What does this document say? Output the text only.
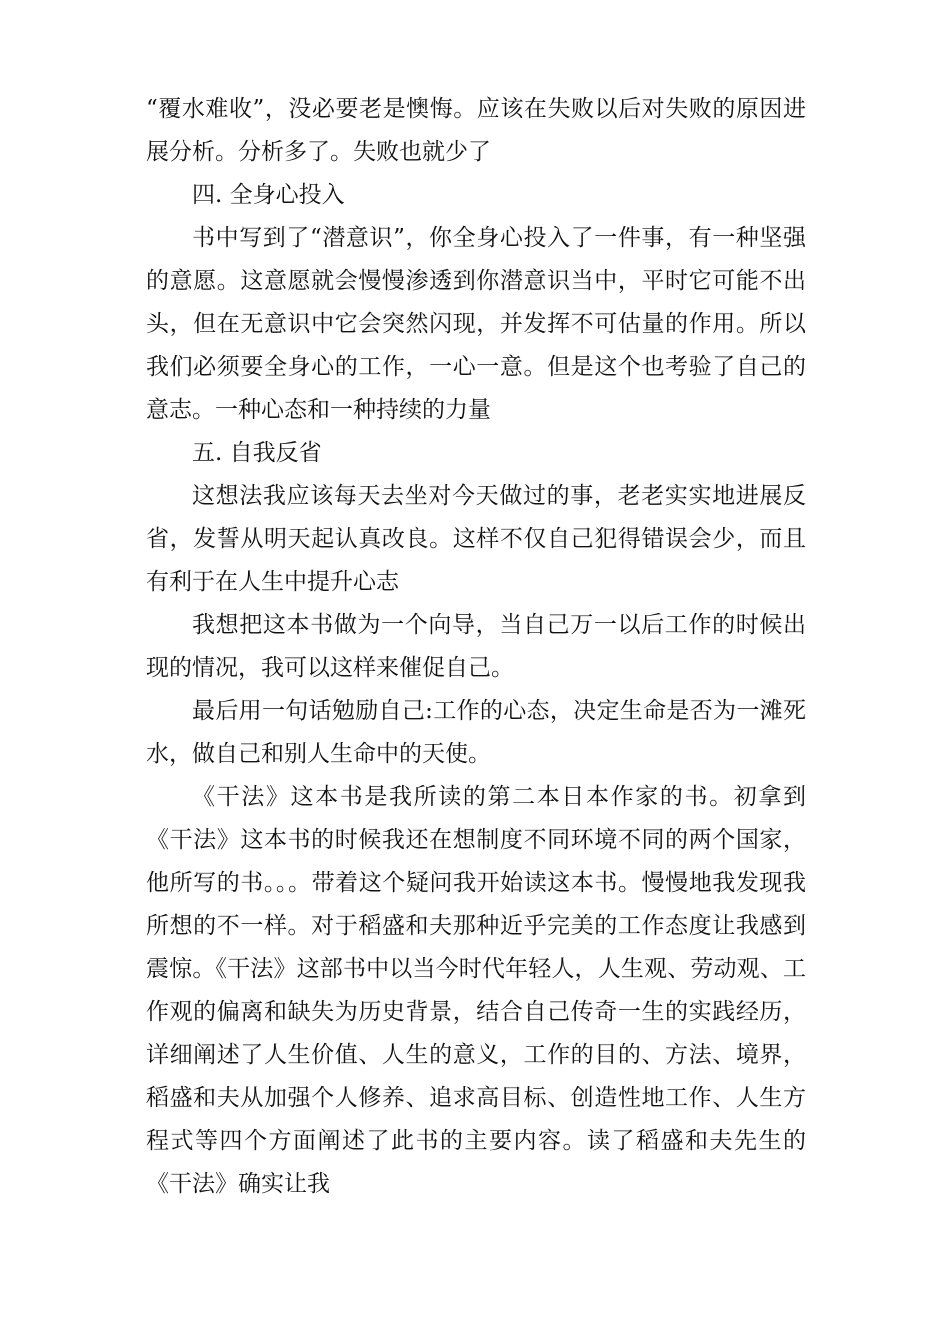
“覆水难收”，没必要老是懊悔。应该在失败以后对失败的原因进展分析。分析多了。失败也就少了

四. 全身心投入

书中写到了“潜意识”，你全身心投入了一件事，有一种坚强的意愿。这意愿就会慢慢渗透到你潜意识当中，平时它可能不出头，但在无意识中它会突然闪现，并发挥不可估量的作用。所以我们必须要全身心的工作，一心一意。但是这个也考验了自己的意志。一种心态和一种持续的力量

五. 自我反省

这想法我应该每天去坐对今天做过的事，老老实实地进展反省，发誓从明天起认真改良。这样不仅自己犯得错误会少，而且有利于在人生中提升心志

我想把这本书做为一个向导，当自己万一以后工作的时候出现的情况，我可以这样来催促自己。

最后用一句话勉励自己:工作的心态，决定生命是否为一滩死水，做自己和别人生命中的天使。

《干法》这本书是我所读的第二本日本作家的书。初拿到《干法》这本书的时候我还在想制度不同环境不同的两个国家，他所写的书。。。带着这个疑问我开始读这本书。慢慢地我发现我所想的不一样。对于稻盛和夫那种近乎完美的工作态度让我感到震惊。《干法》这部书中以当今时代年轻人，人生观、劳动观、工作观的偏离和缺失为历史背景，结合自己传奇一生的实践经历，详细阐述了人生价值、人生的意义，工作的目的、方法、境界，稻盛和夫从加强个人修养、追求高目标、创造性地工作、人生方程式等四个方面阐述了此书的主要内容。读了稻盛和夫先生的《干法》确实让我
